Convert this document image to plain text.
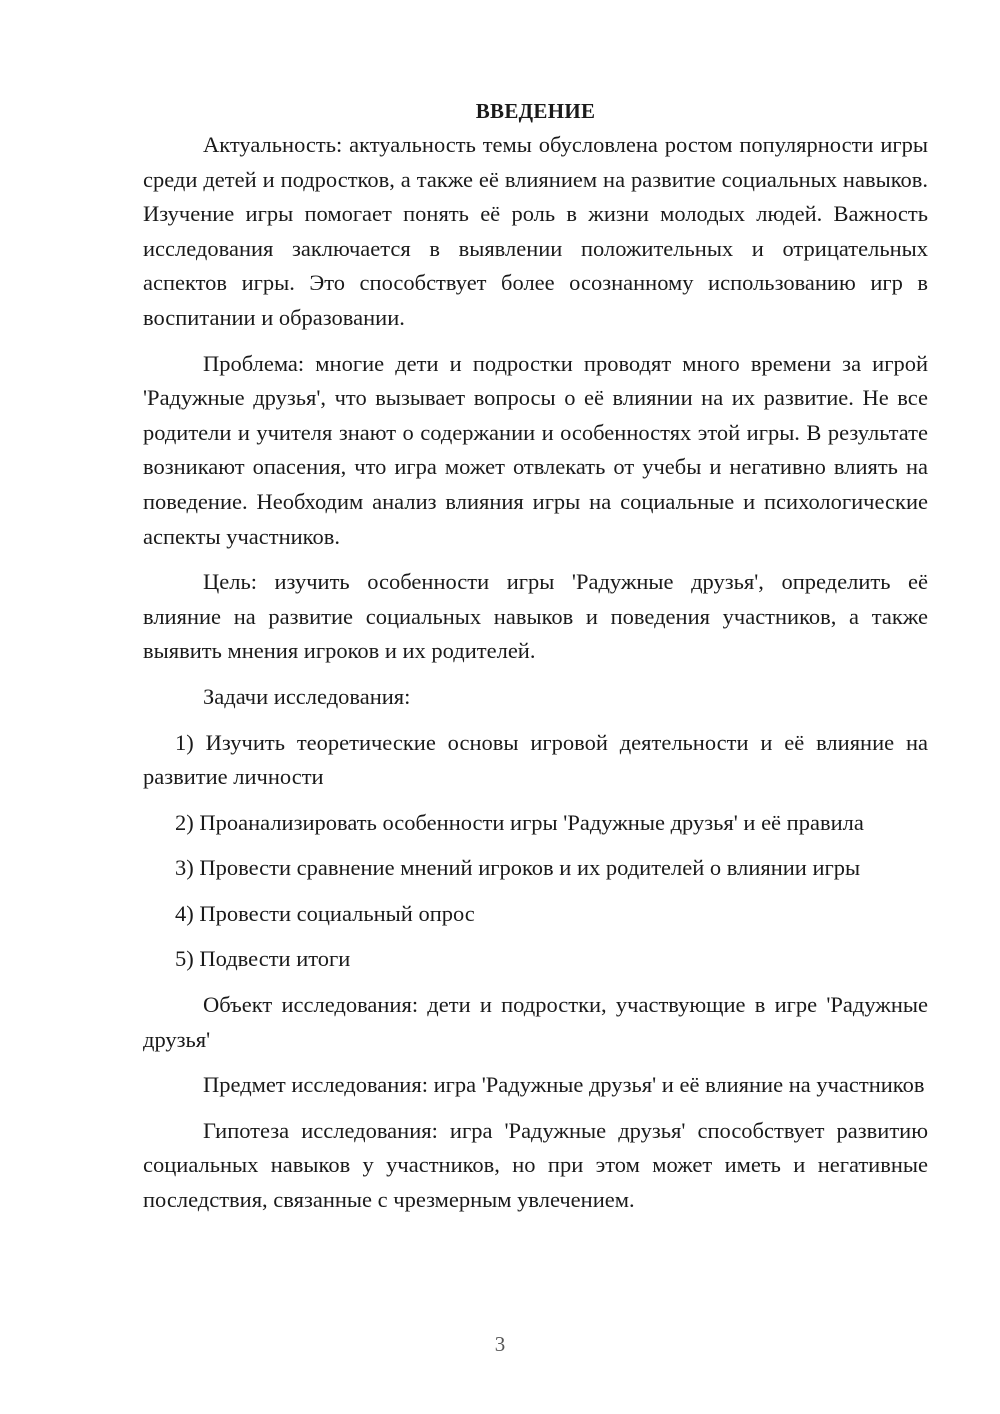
ВВЕДЕНИЕ

Актуальность: актуальность темы обусловлена ростом популярности игры среди детей и подростков, а также её влиянием на развитие социальных навыков. Изучение игры помогает понять её роль в жизни молодых людей. Важность исследования заключается в выявлении положительных и отрицательных аспектов игры. Это способствует более осознанному использованию игр в воспитании и образовании.

Проблема: многие дети и подростки проводят много времени за игрой 'Радужные друзья', что вызывает вопросы о её влиянии на их развитие. Не все родители и учителя знают о содержании и особенностях этой игры. В результате возникают опасения, что игра может отвлекать от учебы и негативно влиять на поведение. Необходим анализ влияния игры на социальные и психологические аспекты участников.

Цель: изучить особенности игры 'Радужные друзья', определить её влияние на развитие социальных навыков и поведения участников, а также выявить мнения игроков и их родителей.

Задачи исследования:

1) Изучить теоретические основы игровой деятельности и её влияние на развитие личности

2) Проанализировать особенности игры 'Радужные друзья' и её правила

3) Провести сравнение мнений игроков и их родителей о влиянии игры

4) Провести социальный опрос

5) Подвести итоги

Объект исследования: дети и подростки, участвующие в игре 'Радужные друзья'

Предмет исследования: игра 'Радужные друзья' и её влияние на участников

Гипотеза исследования: игра 'Радужные друзья' способствует развитию социальных навыков у участников, но при этом может иметь и негативные последствия, связанные с чрезмерным увлечением.

3
